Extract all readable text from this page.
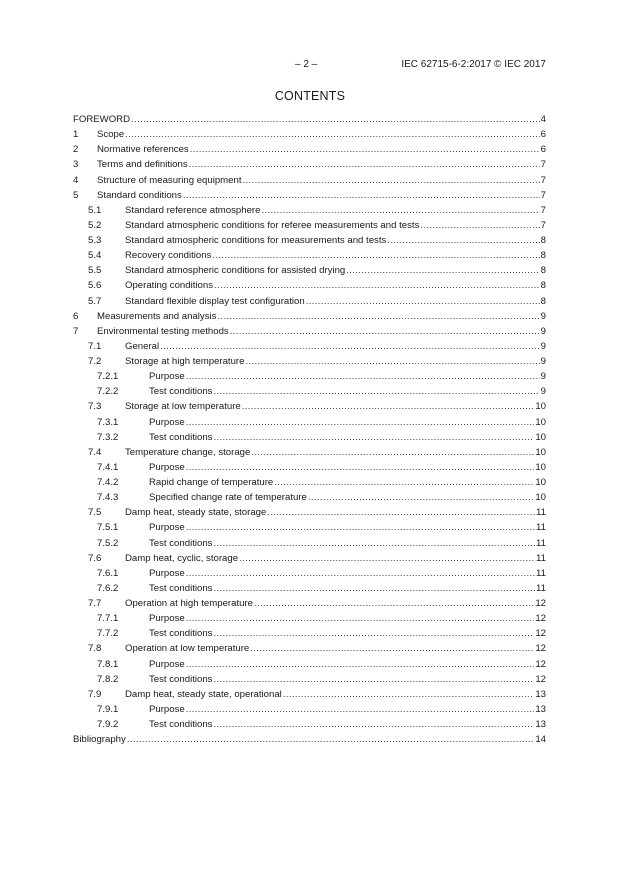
– 2 –	IEC 62715-6-2:2017 © IEC 2017
CONTENTS
FOREWORD .....	4
1	Scope .....	6
2	Normative references .....	6
3	Terms and definitions .....	7
4	Structure of measuring equipment .....	7
5	Standard conditions .....	7
5.1	Standard reference atmosphere .....	7
5.2	Standard atmospheric conditions for referee measurements and tests .....	7
5.3	Standard atmospheric conditions for measurements and tests .....	8
5.4	Recovery conditions .....	8
5.5	Standard atmospheric conditions for assisted drying .....	8
5.6	Operating conditions .....	8
5.7	Standard flexible display test configuration .....	8
6	Measurements and analysis .....	9
7	Environmental testing methods .....	9
7.1	General .....	9
7.2	Storage at high temperature .....	9
7.2.1	Purpose .....	9
7.2.2	Test conditions .....	9
7.3	Storage at low temperature .....	10
7.3.1	Purpose .....	10
7.3.2	Test conditions .....	10
7.4	Temperature change, storage .....	10
7.4.1	Purpose .....	10
7.4.2	Rapid change of temperature .....	10
7.4.3	Specified change rate of temperature .....	10
7.5	Damp heat, steady state, storage .....	11
7.5.1	Purpose .....	11
7.5.2	Test conditions .....	11
7.6	Damp heat, cyclic, storage .....	11
7.6.1	Purpose .....	11
7.6.2	Test conditions .....	11
7.7	Operation at high temperature .....	12
7.7.1	Purpose .....	12
7.7.2	Test conditions .....	12
7.8	Operation at low temperature .....	12
7.8.1	Purpose .....	12
7.8.2	Test conditions .....	12
7.9	Damp heat, steady state, operational .....	13
7.9.1	Purpose .....	13
7.9.2	Test conditions .....	13
Bibliography .....	14
